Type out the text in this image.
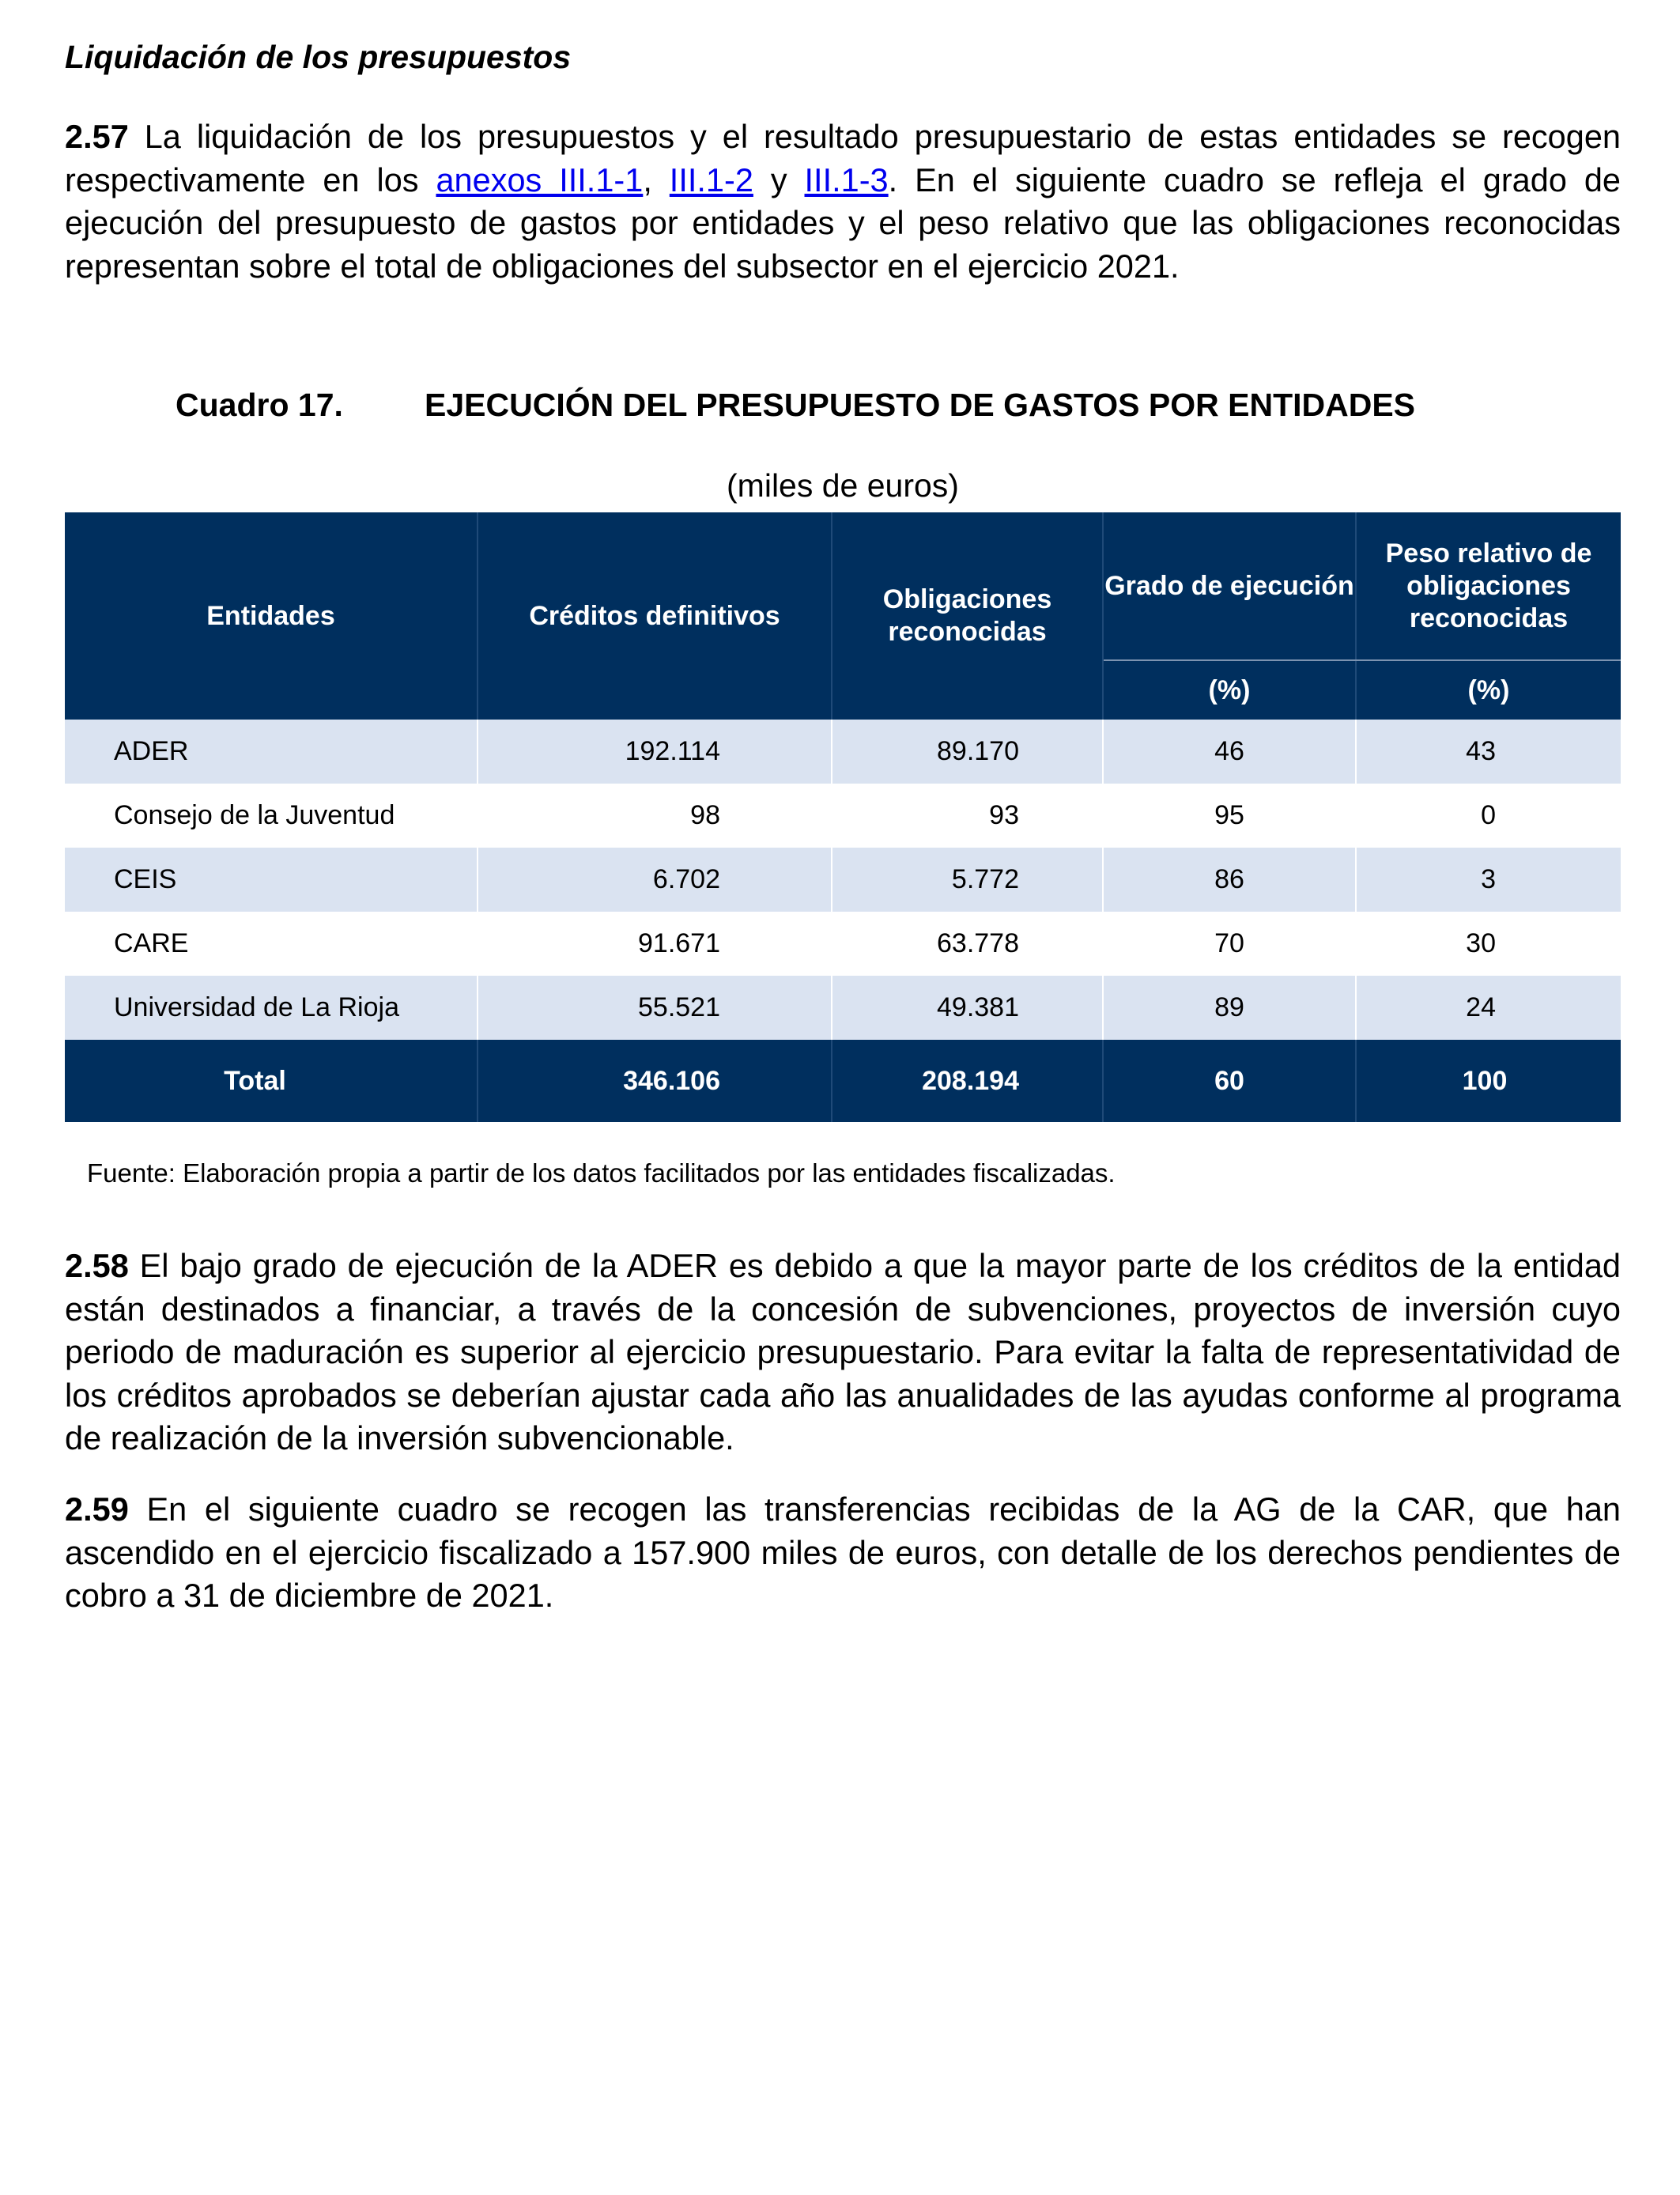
Liquidación de los presupuestos

2.57 La liquidación de los presupuestos y el resultado presupuestario de estas entidades se recogen respectivamente en los anexos III.1-1, III.1-2 y III.1-3. En el siguiente cuadro se refleja el grado de ejecución del presupuesto de gastos por entidades y el peso relativo que las obligaciones reconocidas representan sobre el total de obligaciones del subsector en el ejercicio 2021.

Cuadro 17.	EJECUCIÓN DEL PRESUPUESTO DE GASTOS POR ENTIDADES
(miles de euros)
Entidades	Créditos definitivos	Obligaciones reconocidas	Grado de ejecución	Peso relativo de obligaciones reconocidas
			(%)	(%)
ADER	192.114	89.170	46	43
Consejo de la Juventud	98	93	95	0
CEIS	6.702	5.772	86	3
CARE	91.671	63.778	70	30
Universidad de La Rioja	55.521	49.381	89	24
Total	346.106	208.194	60	100
Fuente: Elaboración propia a partir de los datos facilitados por las entidades fiscalizadas.

2.58 El bajo grado de ejecución de la ADER es debido a que la mayor parte de los créditos de la entidad están destinados a financiar, a través de la concesión de subvenciones, proyectos de inversión cuyo periodo de maduración es superior al ejercicio presupuestario. Para evitar la falta de representatividad de los créditos aprobados se deberían ajustar cada año las anualidades de las ayudas conforme al programa de realización de la inversión subvencionable.

2.59 En el siguiente cuadro se recogen las transferencias recibidas de la AG de la CAR, que han ascendido en el ejercicio fiscalizado a 157.900 miles de euros, con detalle de los derechos pendientes de cobro a 31 de diciembre de 2021.
